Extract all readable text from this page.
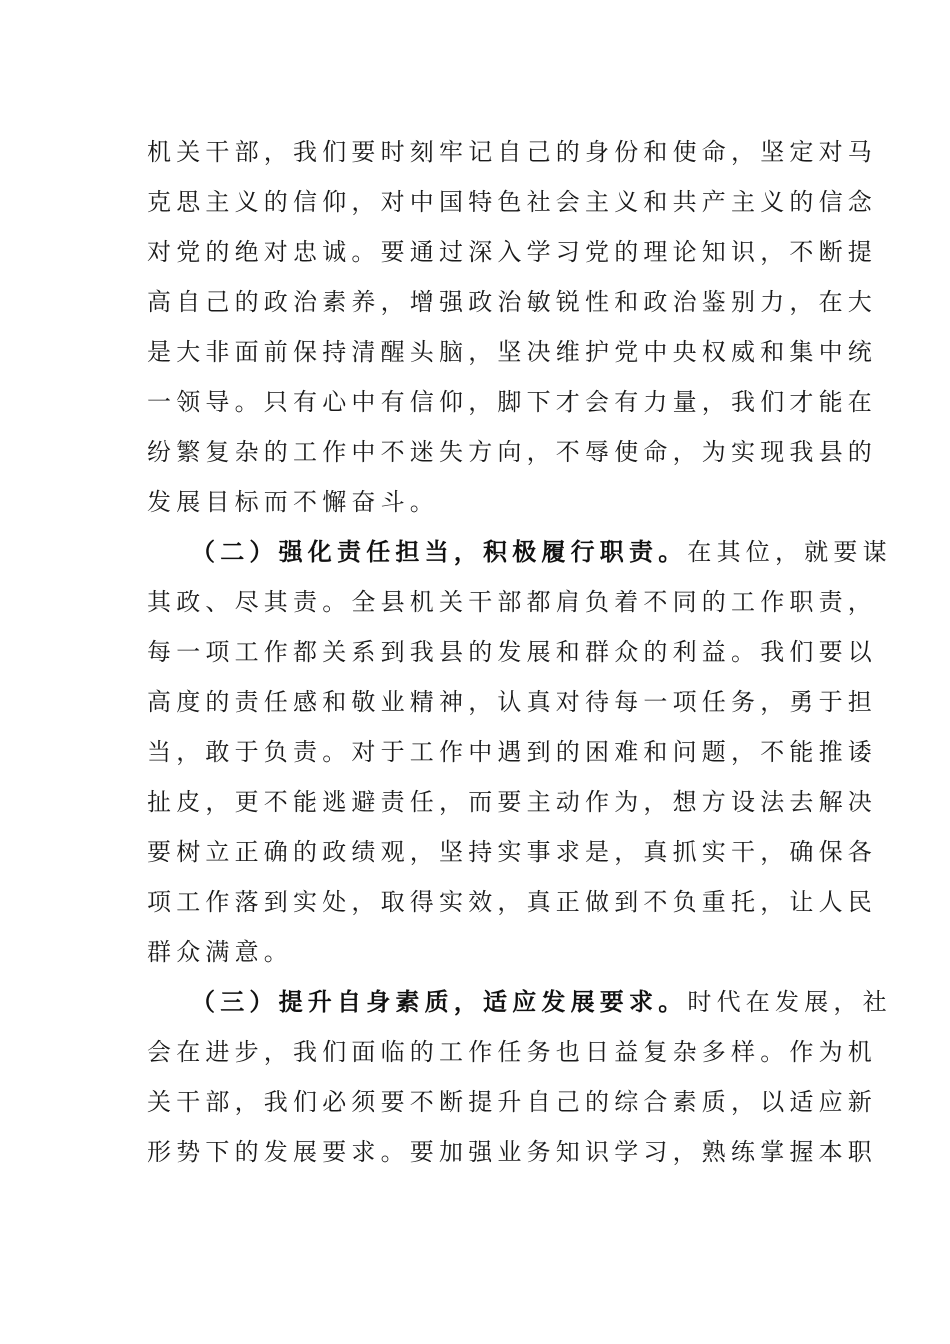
机关干部，我们要时刻牢记自己的身份和使命，坚定对马
克思主义的信仰，对中国特色社会主义和共产主义的信念
对党的绝对忠诚。要通过深入学习党的理论知识，不断提
高自己的政治素养，增强政治敏锐性和政治鉴别力，在大
是大非面前保持清醒头脑，坚决维护党中央权威和集中统
一领导。只有心中有信仰，脚下才会有力量，我们才能在
纷繁复杂的工作中不迷失方向，不辱使命，为实现我县的
发展目标而不懈奋斗。
（二）强化责任担当，积极履行职责。在其位，就要谋
其政、尽其责。全县机关干部都肩负着不同的工作职责，
每一项工作都关系到我县的发展和群众的利益。我们要以
高度的责任感和敬业精神，认真对待每一项任务，勇于担
当，敢于负责。对于工作中遇到的困难和问题，不能推诿
扯皮，更不能逃避责任，而要主动作为，想方设法去解决
要树立正确的政绩观，坚持实事求是，真抓实干，确保各
项工作落到实处，取得实效，真正做到不负重托，让人民
群众满意。
（三）提升自身素质，适应发展要求。时代在发展，社
会在进步，我们面临的工作任务也日益复杂多样。作为机
关干部，我们必须要不断提升自己的综合素质，以适应新
形势下的发展要求。要加强业务知识学习，熟练掌握本职
